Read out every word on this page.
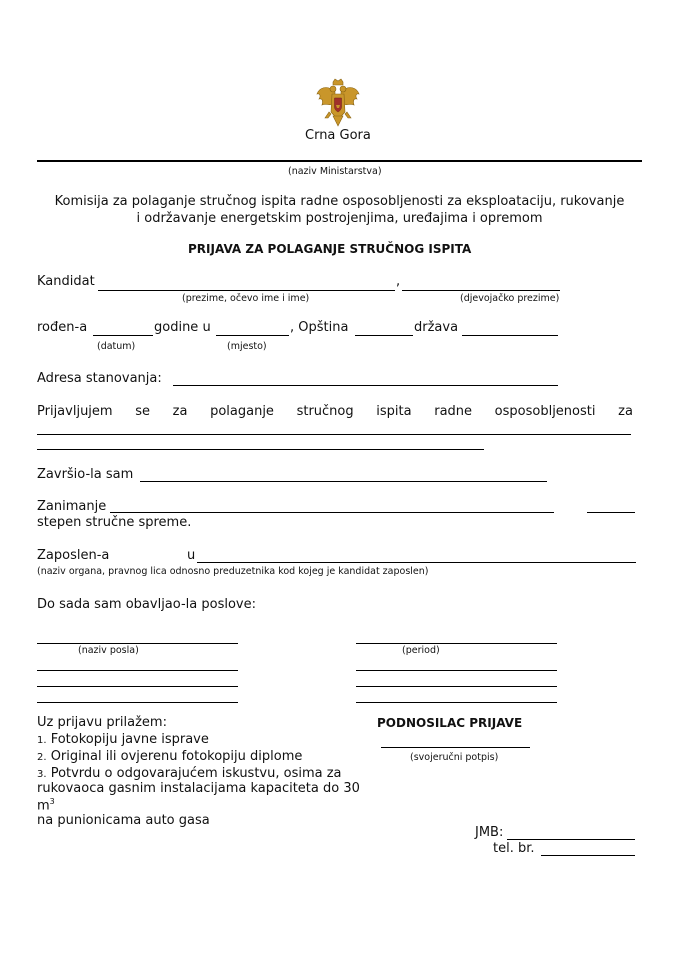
Crna Gora
(naziv Ministarstva)
Komisija za polaganje stručnog ispita radne osposobljenosti za eksploataciju, rukovanje
i održavanje energetskim postrojenjima, uređajima i opremom
PRIJAVA ZA POLAGANJE STRUČNOG ISPITA
Kandidat	,
(prezime, očevo ime i ime)	(djevojačko prezime)
rođen-a	godine u	, Opština	država
(datum)	(mjesto)
Adresa stanovanja:
Prijavljujem se za polaganje stručnog ispita radne osposobljenosti za
Završio-la sam
Zanimanje
stepen stručne spreme.
Zaposlen-a	u
(naziv organa, pravnog lica odnosno preduzetnika kod kojeg je kandidat zaposlen)
Do sada sam obavljao-la poslove:
(naziv posla)	(period)
Uz prijavu prilažem:
1. Fotokopiju javne isprave
2. Original ili ovjerenu fotokopiju diplome
3. Potvrdu o odgovarajućem iskustvu, osima za
rukovaoca gasnim instalacijama kapaciteta do 30
$m^3$
na punionicama auto gasa
PODNOSILAC PRIJAVE
(svojeručni potpis)
JMB:
tel. br.
